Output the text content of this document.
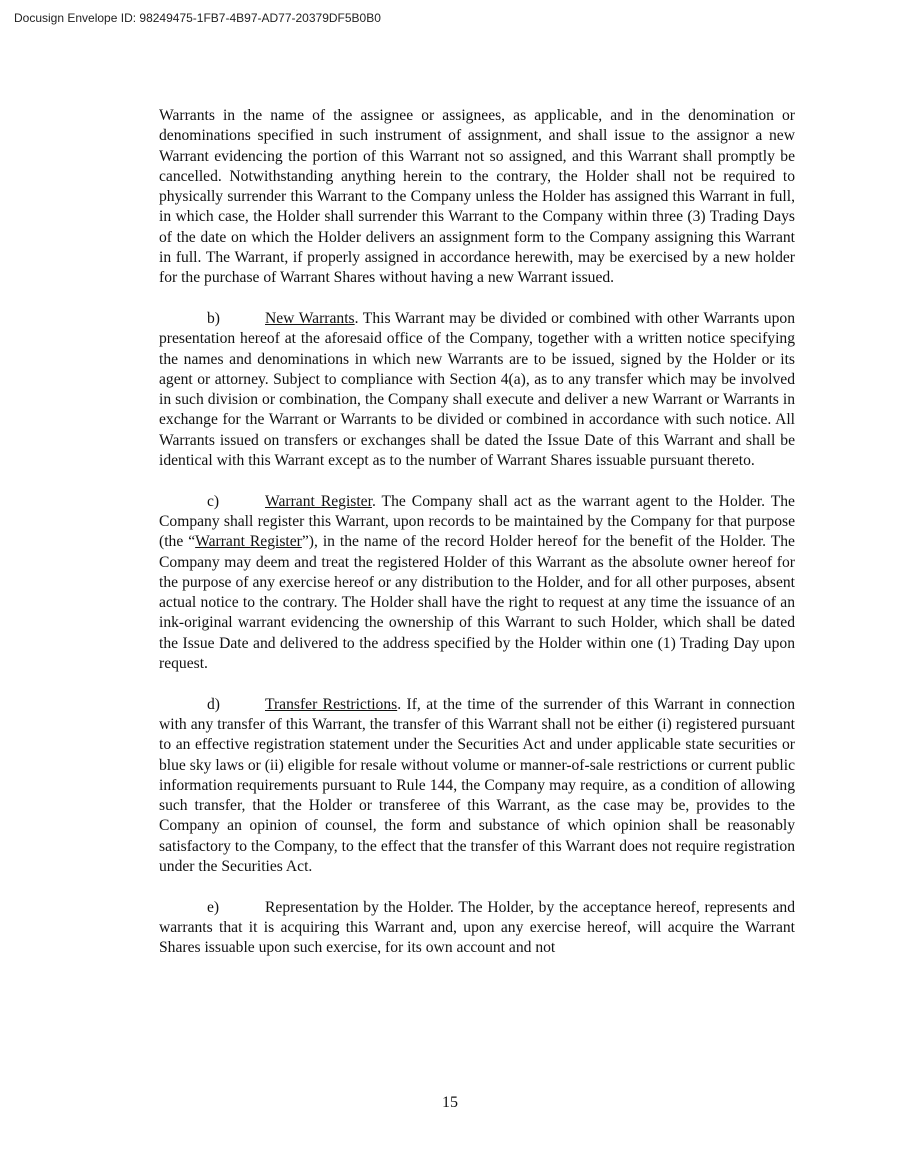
Docusign Envelope ID: 98249475-1FB7-4B97-AD77-20379DF5B0B0

Warrants in the name of the assignee or assignees, as applicable, and in the denomination or denominations specified in such instrument of assignment, and shall issue to the assignor a new Warrant evidencing the portion of this Warrant not so assigned, and this Warrant shall promptly be cancelled. Notwithstanding anything herein to the contrary, the Holder shall not be required to physically surrender this Warrant to the Company unless the Holder has assigned this Warrant in full, in which case, the Holder shall surrender this Warrant to the Company within three (3) Trading Days of the date on which the Holder delivers an assignment form to the Company assigning this Warrant in full. The Warrant, if properly assigned in accordance herewith, may be exercised by a new holder for the purchase of Warrant Shares without having a new Warrant issued.

b)	New Warrants. This Warrant may be divided or combined with other Warrants upon presentation hereof at the aforesaid office of the Company, together with a written notice specifying the names and denominations in which new Warrants are to be issued, signed by the Holder or its agent or attorney. Subject to compliance with Section 4(a), as to any transfer which may be involved in such division or combination, the Company shall execute and deliver a new Warrant or Warrants in exchange for the Warrant or Warrants to be divided or combined in accordance with such notice. All Warrants issued on transfers or exchanges shall be dated the Issue Date of this Warrant and shall be identical with this Warrant except as to the number of Warrant Shares issuable pursuant thereto.

c)	Warrant Register. The Company shall act as the warrant agent to the Holder. The Company shall register this Warrant, upon records to be maintained by the Company for that purpose (the “Warrant Register”), in the name of the record Holder hereof for the benefit of the Holder. The Company may deem and treat the registered Holder of this Warrant as the absolute owner hereof for the purpose of any exercise hereof or any distribution to the Holder, and for all other purposes, absent actual notice to the contrary. The Holder shall have the right to request at any time the issuance of an ink-original warrant evidencing the ownership of this Warrant to such Holder, which shall be dated the Issue Date and delivered to the address specified by the Holder within one (1) Trading Day upon request.

d)	Transfer Restrictions. If, at the time of the surrender of this Warrant in connection with any transfer of this Warrant, the transfer of this Warrant shall not be either (i) registered pursuant to an effective registration statement under the Securities Act and under applicable state securities or blue sky laws or (ii) eligible for resale without volume or manner-of-sale restrictions or current public information requirements pursuant to Rule 144, the Company may require, as a condition of allowing such transfer, that the Holder or transferee of this Warrant, as the case may be, provides to the Company an opinion of counsel, the form and substance of which opinion shall be reasonably satisfactory to the Company, to the effect that the transfer of this Warrant does not require registration under the Securities Act.

e)	Representation by the Holder. The Holder, by the acceptance hereof, represents and warrants that it is acquiring this Warrant and, upon any exercise hereof, will acquire the Warrant Shares issuable upon such exercise, for its own account and not

15
